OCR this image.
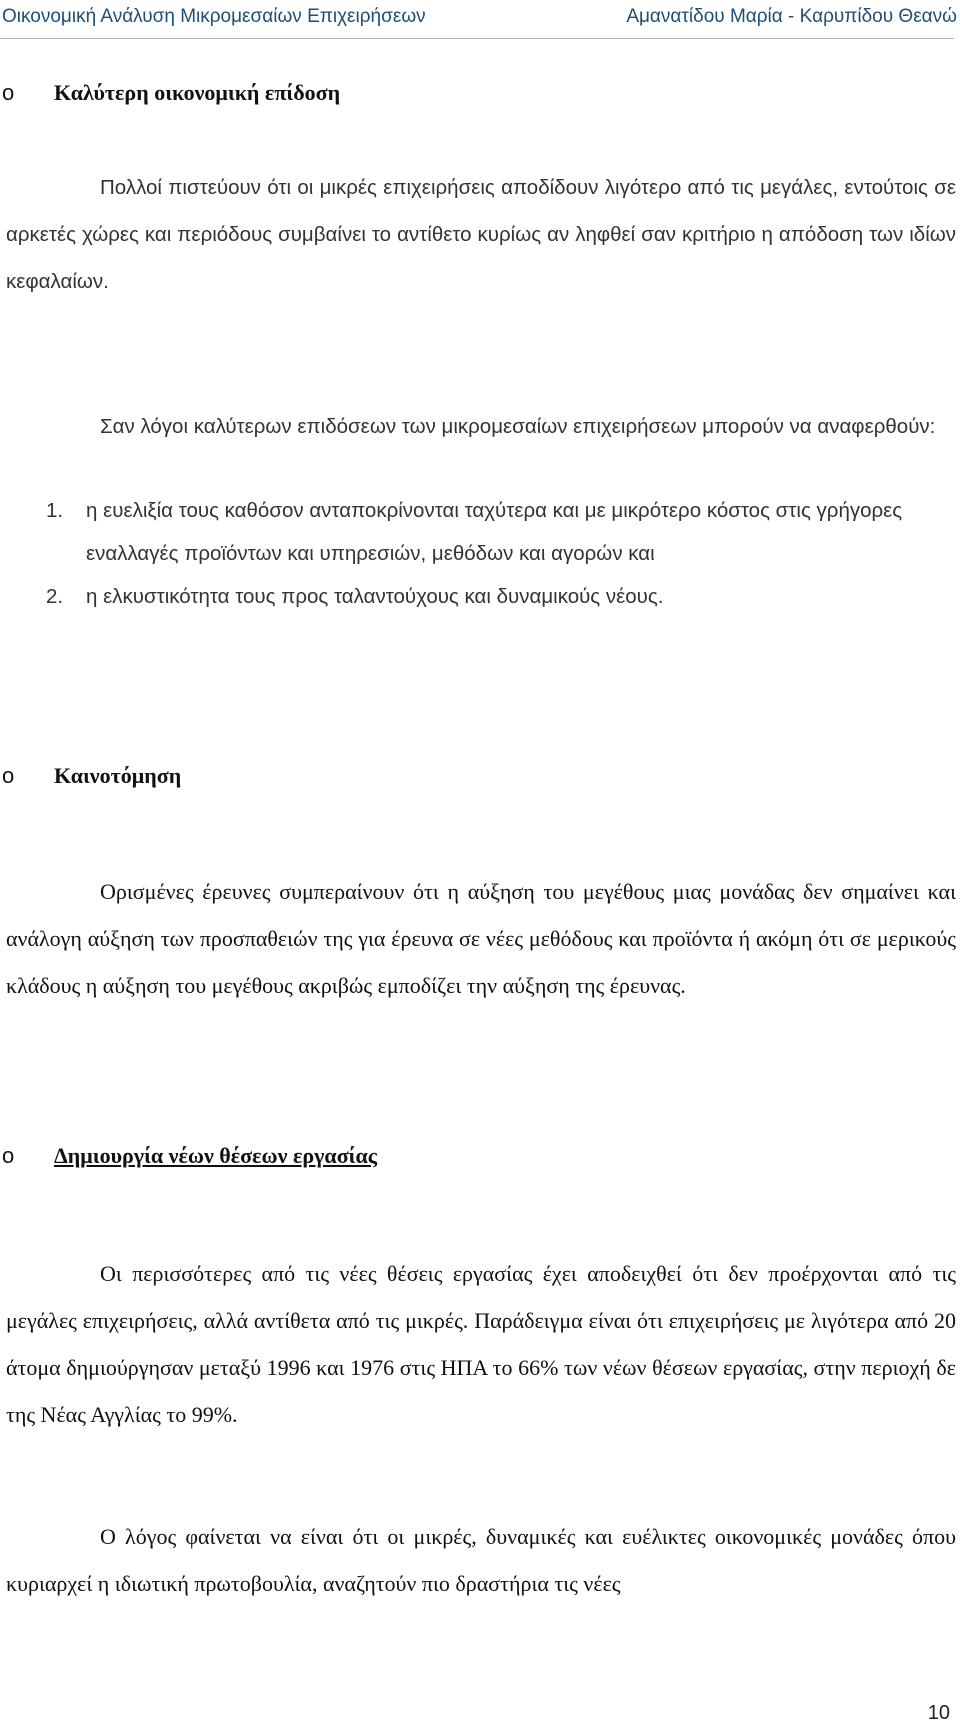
Οικονομική Ανάλυση Μικρομεσαίων Επιχειρήσεων	Αμανατίδου Μαρία - Καρυπίδου Θεανώ
o Καλύτερη οικονομική επίδοση
Πολλοί πιστεύουν ότι οι μικρές επιχειρήσεις αποδίδουν λιγότερο από τις μεγάλες, εντούτοις σε αρκετές χώρες και περιόδους συμβαίνει το αντίθετο κυρίως αν ληφθεί σαν κριτήριο η απόδοση των ιδίων κεφαλαίων.
Σαν λόγοι καλύτερων επιδόσεων των μικρομεσαίων επιχειρήσεων μπορούν να αναφερθούν:
1. η ευελιξία τους καθόσον ανταποκρίνονται ταχύτερα και με μικρότερο κόστος στις γρήγορες εναλλαγές προϊόντων και υπηρεσιών, μεθόδων και αγορών και
2. η ελκυστικότητα τους προς ταλαντούχους και δυναμικούς νέους.
o Καινοτόμηση
Ορισμένες έρευνες συμπεραίνουν ότι η αύξηση του μεγέθους μιας μονάδας δεν σημαίνει και ανάλογη αύξηση των προσπαθειών της για έρευνα σε νέες μεθόδους και προϊόντα ή ακόμη ότι σε μερικούς κλάδους η αύξηση του μεγέθους ακριβώς εμποδίζει την αύξηση της έρευνας.
o Δημιουργία νέων θέσεων εργασίας
Οι περισσότερες από τις νέες θέσεις εργασίας έχει αποδειχθεί ότι δεν προέρχονται από τις μεγάλες επιχειρήσεις, αλλά αντίθετα από τις μικρές. Παράδειγμα είναι ότι επιχειρήσεις με λιγότερα από 20 άτομα δημιούργησαν μεταξύ 1996 και 1976 στις ΗΠΑ το 66% των νέων θέσεων εργασίας, στην περιοχή δε της Νέας Αγγλίας το 99%.
Ο λόγος φαίνεται να είναι ότι οι μικρές, δυναμικές και ευέλικτες οικονομικές μονάδες όπου κυριαρχεί η ιδιωτική πρωτοβουλία, αναζητούν πιο δραστήρια τις νέες
10
